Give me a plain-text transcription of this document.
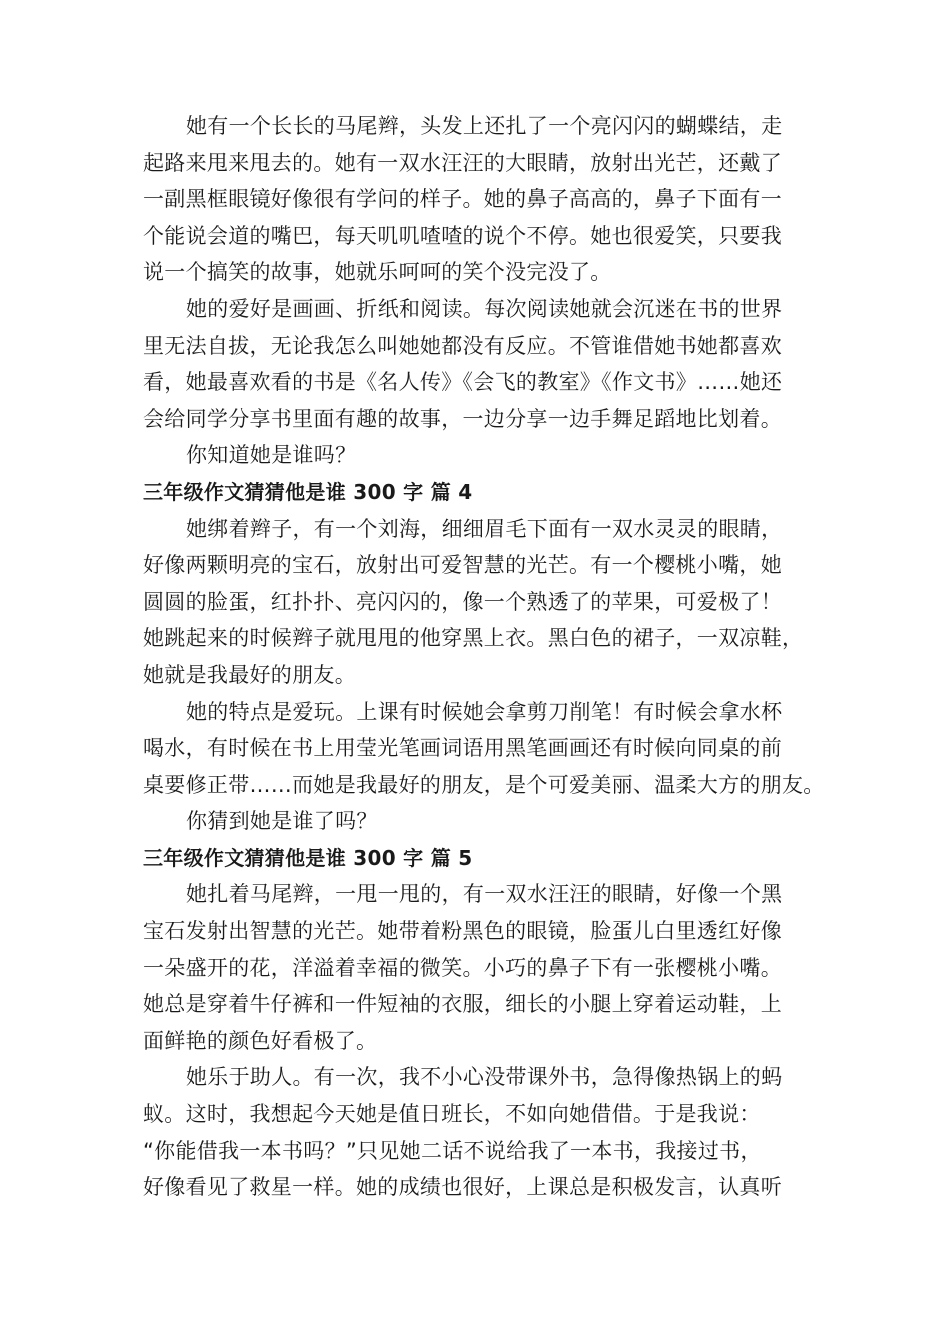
她有一个长长的马尾辫，头发上还扎了一个亮闪闪的蝴蝶结，走
起路来甩来甩去的。她有一双水汪汪的大眼睛，放射出光芒，还戴了
一副黑框眼镜好像很有学问的样子。她的鼻子高高的，鼻子下面有一
个能说会道的嘴巴，每天叽叽喳喳的说个不停。她也很爱笑，只要我
说一个搞笑的故事，她就乐呵呵的笑个没完没了。
她的爱好是画画、折纸和阅读。每次阅读她就会沉迷在书的世界
里无法自拔，无论我怎么叫她她都没有反应。不管谁借她书她都喜欢
看，她最喜欢看的书是《名人传》《会飞的教室》《作文书》……她还
会给同学分享书里面有趣的故事，一边分享一边手舞足蹈地比划着。
你知道她是谁吗？
三年级作文猜猜他是谁 300 字 篇 4
她绑着辫子，有一个刘海，细细眉毛下面有一双水灵灵的眼睛，
好像两颗明亮的宝石，放射出可爱智慧的光芒。有一个樱桃小嘴，她
圆圆的脸蛋，红扑扑、亮闪闪的，像一个熟透了的苹果，可爱极了！
她跳起来的时候辫子就甩甩的他穿黑上衣。黑白色的裙子，一双凉鞋，
她就是我最好的朋友。
她的特点是爱玩。上课有时候她会拿剪刀削笔！有时候会拿水杯
喝水，有时候在书上用莹光笔画词语用黑笔画画还有时候向同桌的前
桌要修正带……而她是我最好的朋友，是个可爱美丽、温柔大方的朋友。
你猜到她是谁了吗？
三年级作文猜猜他是谁 300 字 篇 5
她扎着马尾辫，一甩一甩的，有一双水汪汪的眼睛，好像一个黑
宝石发射出智慧的光芒。她带着粉黑色的眼镜，脸蛋儿白里透红好像
一朵盛开的花，洋溢着幸福的微笑。小巧的鼻子下有一张樱桃小嘴。
她总是穿着牛仔裤和一件短袖的衣服，细长的小腿上穿着运动鞋，上
面鲜艳的颜色好看极了。
她乐于助人。有一次，我不小心没带课外书，急得像热锅上的蚂
蚁。这时，我想起今天她是值日班长，不如向她借借。于是我说：
“你能借我一本书吗？”只见她二话不说给我了一本书，我接过书，
好像看见了救星一样。她的成绩也很好，上课总是积极发言，认真听
